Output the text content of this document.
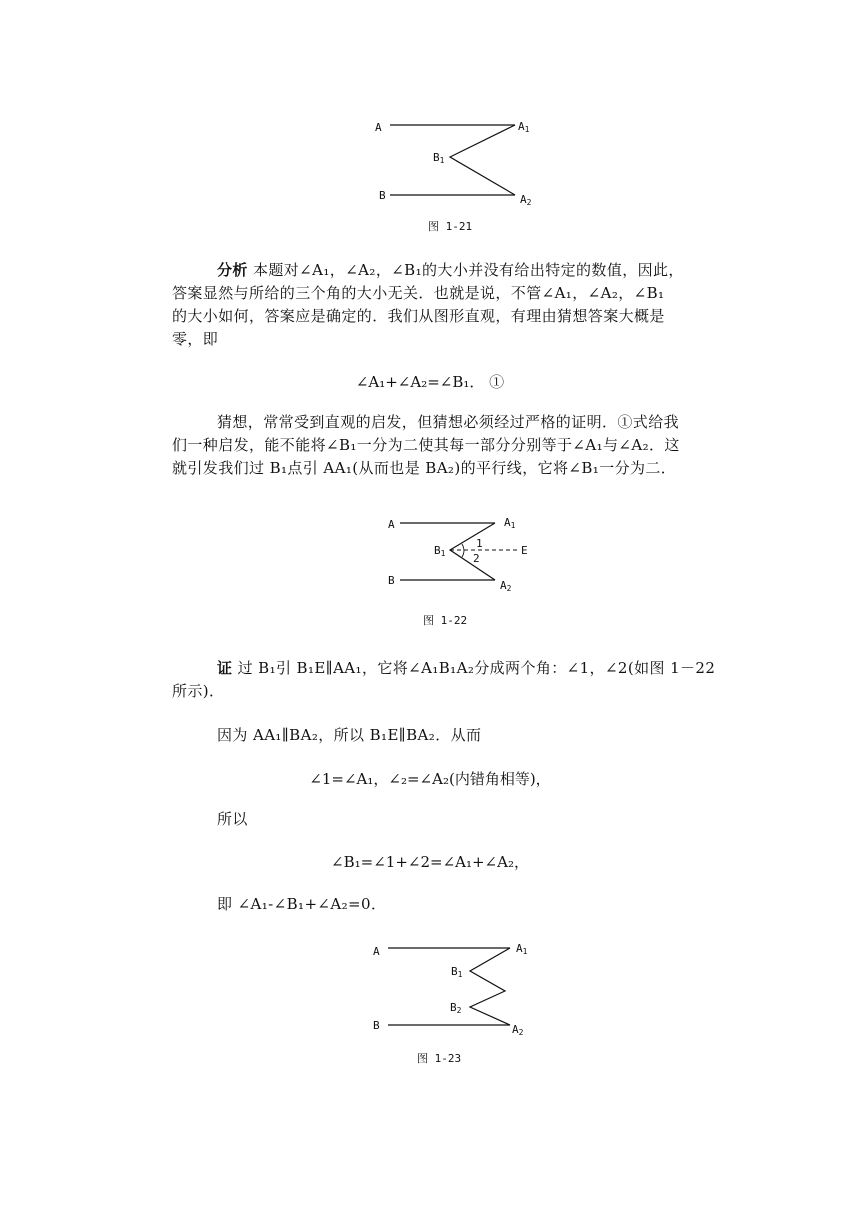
A	$A_1$
$B_1$
B	$A_2$
图 1-21

分析 本题对∠A₁，∠A₂，∠B₁的大小并没有给出特定的数值，因此，

答案显然与所给的三个角的大小无关．也就是说，不管∠A₁，∠A₂，∠B₁

的大小如何，答案应是确定的．我们从图形直观，有理由猜想答案大概是

零，即

∠A₁+∠A₂=∠B₁． ①

猜想，常常受到直观的启发，但猜想必须经过严格的证明．①式给我

们一种启发，能不能将∠B₁一分为二使其每一部分分别等于∠A₁与∠A₂．这

就引发我们过 B₁点引 AA₁(从而也是 BA₂)的平行线，它将∠B₁一分为二．

A	$A_1$
$B_1$
1
2
E
B	$A_2$
图 1-22

证 过 B₁引 B₁E∥AA₁，它将∠A₁B₁A₂分成两个角：∠1，∠2(如图 1－22

所示)．

因为 AA₁∥BA₂，所以 B₁E∥BA₂．从而

∠1=∠A₁，∠₂=∠A₂(内错角相等)，

所以

∠B₁=∠1+∠2=∠A₁+∠A₂，

即 ∠A₁-∠B₁+∠A₂=0．

A	$A_1$
$B_1$
$B_2$
B	$A_2$
图 1-23
